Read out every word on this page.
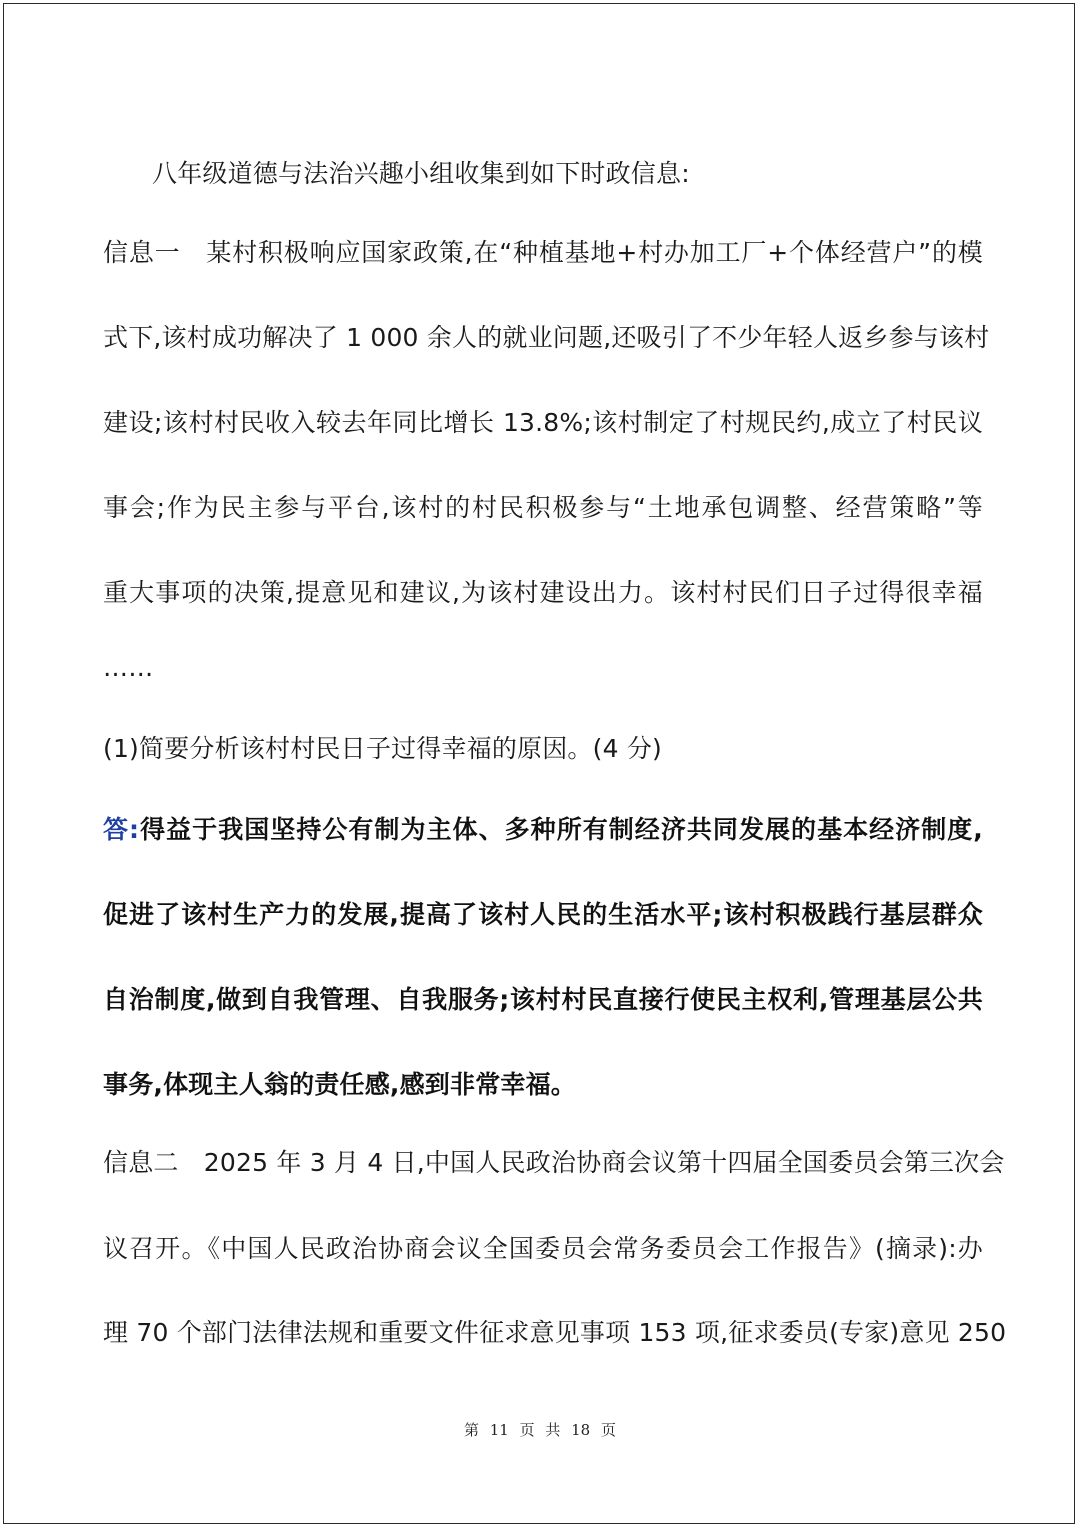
八年级道德与法治兴趣小组收集到如下时政信息:
信息一　某村积极响应国家政策,在“种植基地+村办加工厂+个体经营户”的模
式下,该村成功解决了 1 000 余人的就业问题,还吸引了不少年轻人返乡参与该村
建设;该村村民收入较去年同比增长 13.8%;该村制定了村规民约,成立了村民议
事会;作为民主参与平台,该村的村民积极参与“土地承包调整、经营策略”等
重大事项的决策,提意见和建议,为该村建设出力。该村村民们日子过得很幸福
……
(1)简要分析该村村民日子过得幸福的原因。(4 分)
答:得益于我国坚持公有制为主体、多种所有制经济共同发展的基本经济制度,
促进了该村生产力的发展,提高了该村人民的生活水平;该村积极践行基层群众
自治制度,做到自我管理、自我服务;该村村民直接行使民主权利,管理基层公共
事务,体现主人翁的责任感,感到非常幸福。
信息二　2025 年 3 月 4 日,中国人民政治协商会议第十四届全国委员会第三次会
议召开。《中国人民政治协商会议全国委员会常务委员会工作报告》(摘录):办
理 70 个部门法律法规和重要文件征求意见事项 153 项,征求委员(专家)意见 250
第 11 页 共 18 页
